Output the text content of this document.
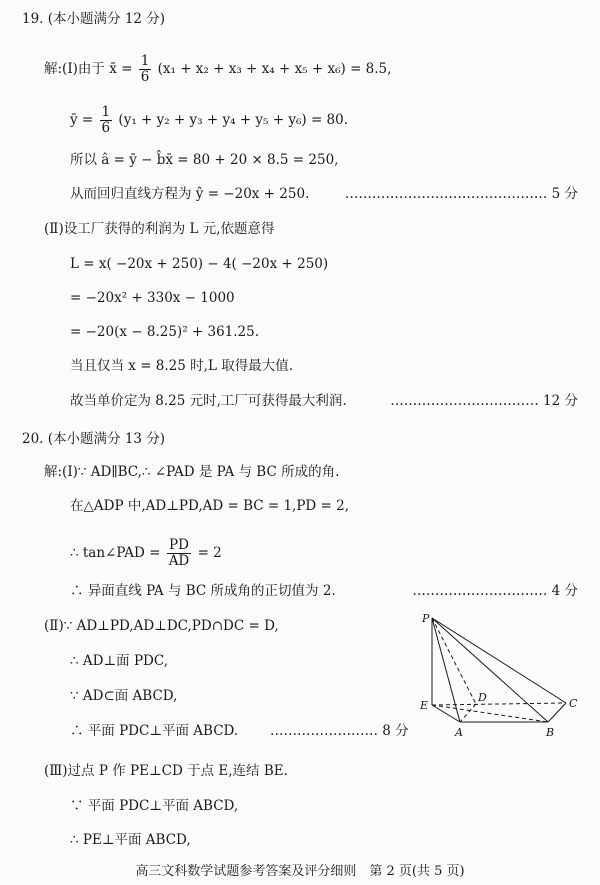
19. (本小题满分 12 分)
解:(Ⅰ)由于 x̄ = $\frac{1}{6} (x_1 + x_2 + x_3 + x_4 + x_5 + x_6) = 8.5$,
ȳ = $\frac{1}{6} (y_1 + y_2 + y_3 + y_4 + y_5 + y_6) = 80$.
所以 â = ȳ − b̂x̄ = 80 + 20 × 8.5 = 250,
从而回归直线方程为 ŷ = −20x + 250.	……………………………………… 5 分
(Ⅱ)设工厂获得的利润为 L 元,依题意得
L = x( −20x + 250) − 4( −20x + 250)
= −20x² + 330x − 1000
= −20(x − 8.25)² + 361.25.
当且仅当 x = 8.25 时,L 取得最大值.
故当单价定为 8.25 元时,工厂可获得最大利润.	…………………………… 12 分
20. (本小题满分 13 分)
解:(Ⅰ)∵ AD∥BC,∴ ∠PAD 是 PA 与 BC 所成的角.
在△ADP 中,AD⊥PD,AD = BC = 1,PD = 2,
∴ tan∠PAD = $\frac{PD}{AD} = 2$
∴ 异面直线 PA 与 BC 所成角的正切值为 2.	………………………… 4 分
(Ⅱ)∵ AD⊥PD,AD⊥DC,PD∩DC = D,
∴ AD⊥面 PDC,
∵ AD⊂面 ABCD,
∴ 平面 PDC⊥平面 ABCD. …………………… 8 分
(Ⅲ)过点 P 作 PE⊥CD 于点 E,连结 BE.
∵ 平面 PDC⊥平面 ABCD,
∴ PE⊥平面 ABCD,
P
E
D	C
A	B
高三文科数学试题参考答案及评分细则　第 2 页(共 5 页)
